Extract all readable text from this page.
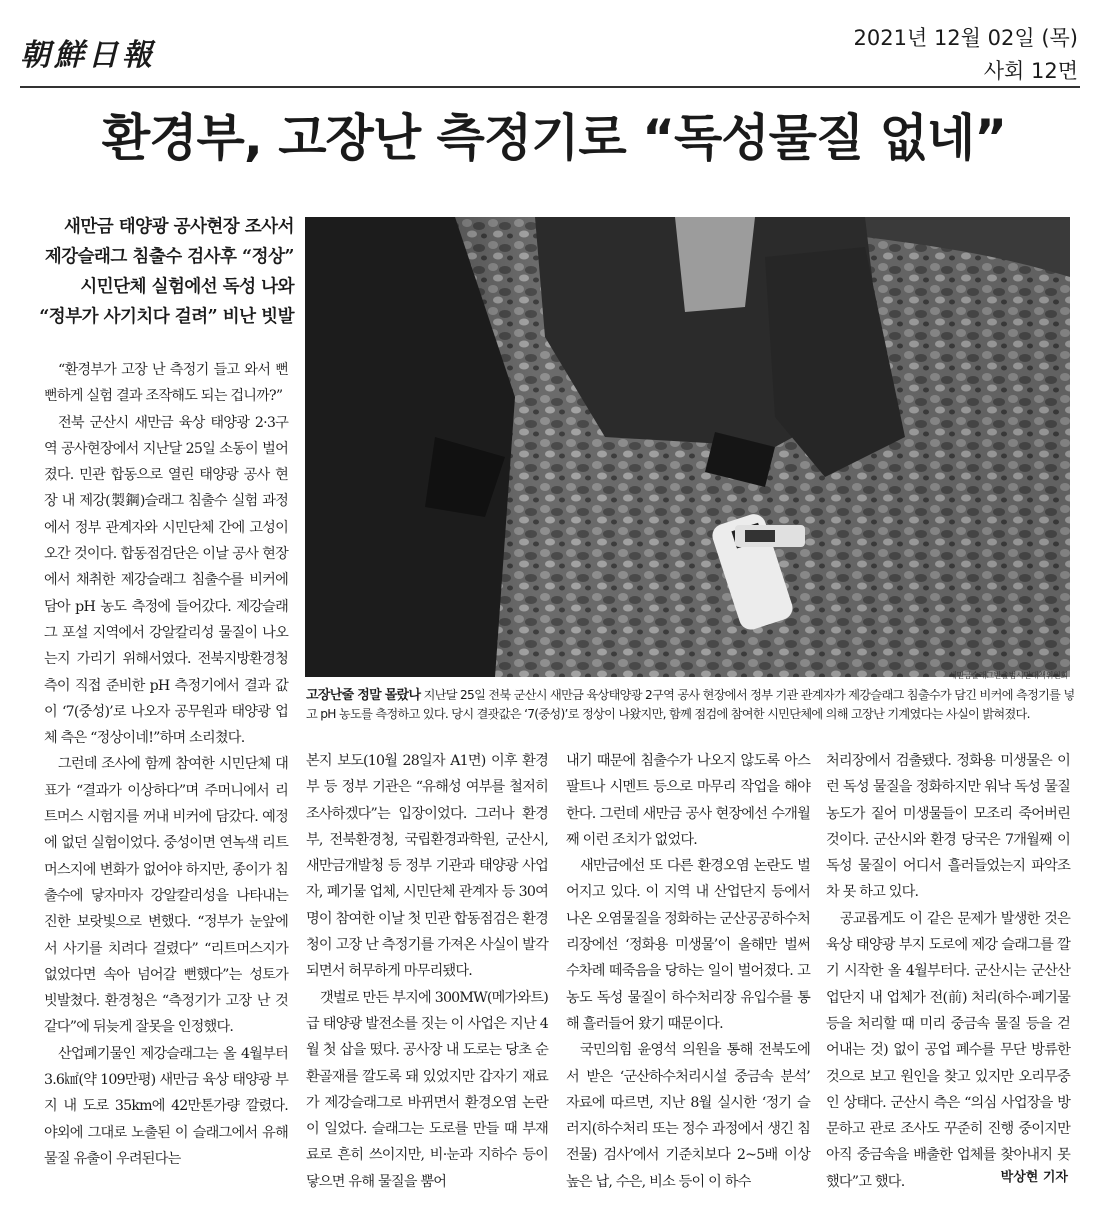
朝鮮日報	2021년 12월 02일 (목)
사회 12면
환경부, 고장난 측정기로 “독성물질 없네”
새만금 태양광 공사현장 조사서
제강슬래그 침출수 검사후 “정상”
시민단체 실험에선 독성 나와
“정부가 사기치다 걸려” 비난 빗발
새만금슬래그반출범시민대책위원회
고장난줄 정말 몰랐나 지난달 25일 전북 군산시 새만금 육상태양광 2구역 공사 현장에서 정부 기관 관계자가 제강슬래그 침출수가 담긴 비커에 측정기를 넣고 pH 농도를 측정하고 있다. 당시 결괏값은 ‘7(중성)’로 정상이 나왔지만, 함께 점검에 참여한 시민단체에 의해 고장난 기계였다는 사실이 밝혀졌다.

“환경부가 고장 난 측정기 들고 와서 뻔뻔하게 실험 결과 조작해도 되는 겁니까?”

전북 군산시 새만금 육상 태양광 2·3구역 공사현장에서 지난달 25일 소동이 벌어졌다. 민관 합동으로 열린 태양광 공사 현장 내 제강(製鋼)슬래그 침출수 실험 과정에서 정부 관계자와 시민단체 간에 고성이 오간 것이다. 합동점검단은 이날 공사 현장에서 채취한 제강슬래그 침출수를 비커에 담아 pH 농도 측정에 들어갔다. 제강슬래그 포설 지역에서 강알칼리성 물질이 나오는지 가리기 위해서였다. 전북지방환경청 측이 직접 준비한 pH 측정기에서 결과 값이 ‘7(중성)’로 나오자 공무원과 태양광 업체 측은 “정상이네!”하며 소리쳤다.

그런데 조사에 함께 참여한 시민단체 대표가 “결과가 이상하다”며 주머니에서 리트머스 시험지를 꺼내 비커에 담갔다. 예정에 없던 실험이었다. 중성이면 연녹색 리트머스지에 변화가 없어야 하지만, 종이가 침출수에 닿자마자 강알칼리성을 나타내는 진한 보랏빛으로 변했다. “정부가 눈앞에서 사기를 치려다 걸렸다” “리트머스지가 없었다면 속아 넘어갈 뻔했다”는 성토가 빗발쳤다. 환경청은 “측정기가 고장 난 것 같다”에 뒤늦게 잘못을 인정했다.

산업폐기물인 제강슬래그는 올 4월부터 3.6㎢(약 109만평) 새만금 육상 태양광 부지 내 도로 35km에 42만톤가량 깔렸다. 야외에 그대로 노출된 이 슬래그에서 유해 물질 유출이 우려된다는

본지 보도(10월 28일자 A1면) 이후 환경부 등 정부 기관은 “유해성 여부를 철저히 조사하겠다”는 입장이었다. 그러나 환경부, 전북환경청, 국립환경과학원, 군산시, 새만금개발청 등 정부 기관과 태양광 사업자, 폐기물 업체, 시민단체 관계자 등 30여 명이 참여한 이날 첫 민관 합동점검은 환경청이 고장 난 측정기를 가져온 사실이 발각되면서 허무하게 마무리됐다.

갯벌로 만든 부지에 300MW(메가와트)급 태양광 발전소를 짓는 이 사업은 지난 4월 첫 삽을 떴다. 공사장 내 도로는 당초 순환골재를 깔도록 돼 있었지만 갑자기 재료가 제강슬래그로 바뀌면서 환경오염 논란이 일었다. 슬래그는 도로를 만들 때 부재료로 흔히 쓰이지만, 비·눈과 지하수 등이 닿으면 유해 물질을 뿜어

내기 때문에 침출수가 나오지 않도록 아스팔트나 시멘트 등으로 마무리 작업을 해야 한다. 그런데 새만금 공사 현장에선 수개월째 이런 조치가 없었다.

새만금에선 또 다른 환경오염 논란도 벌어지고 있다. 이 지역 내 산업단지 등에서 나온 오염물질을 정화하는 군산공공하수처리장에선 ‘정화용 미생물’이 올해만 벌써 수차례 떼죽음을 당하는 일이 벌어졌다. 고농도 독성 물질이 하수처리장 유입수를 통해 흘러들어 왔기 때문이다.

국민의힘 윤영석 의원을 통해 전북도에서 받은 ‘군산하수처리시설 중금속 분석’ 자료에 따르면, 지난 8월 실시한 ‘정기 슬러지(하수처리 또는 정수 과정에서 생긴 침전물) 검사’에서 기준치보다 2~5배 이상 높은 납, 수은, 비소 등이 이 하수

처리장에서 검출됐다. 정화용 미생물은 이런 독성 물질을 정화하지만 워낙 독성 물질 농도가 짙어 미생물들이 모조리 죽어버린 것이다. 군산시와 환경 당국은 7개월째 이 독성 물질이 어디서 흘러들었는지 파악조차 못 하고 있다.

공교롭게도 이 같은 문제가 발생한 것은 육상 태양광 부지 도로에 제강 슬래그를 깔기 시작한 올 4월부터다. 군산시는 군산산업단지 내 업체가 전(前) 처리(하수·폐기물 등을 처리할 때 미리 중금속 물질 등을 걷어내는 것) 없이 공업 폐수를 무단 방류한 것으로 보고 원인을 찾고 있지만 오리무중인 상태다. 군산시 측은 “의심 사업장을 방문하고 관로 조사도 꾸준히 진행 중이지만 아직 중금속을 배출한 업체를 찾아내지 못했다”고 했다.	박상현 기자
